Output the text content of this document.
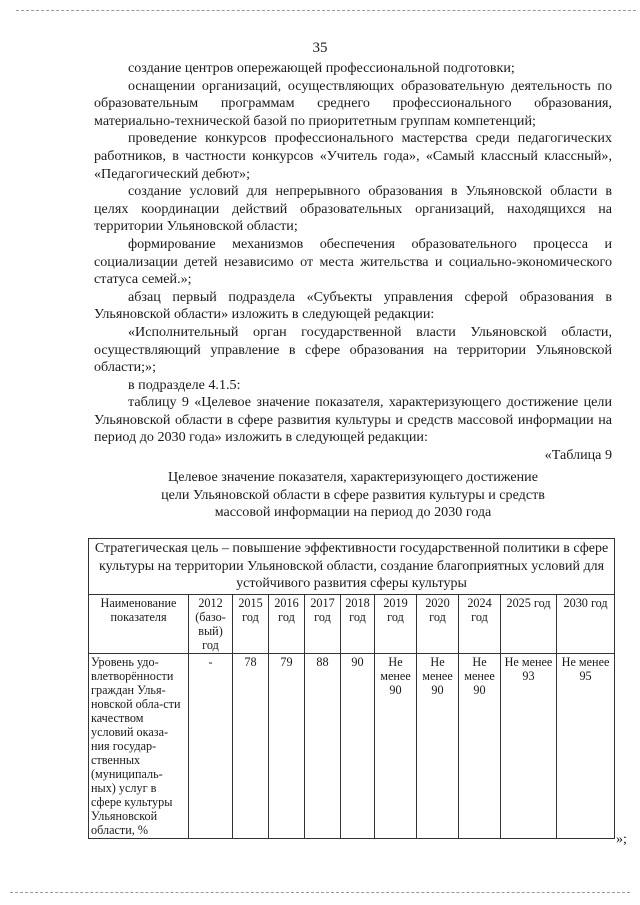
35

создание центров опережающей профессиональной подготовки;

оснащении организаций, осуществляющих образовательную деятельность по образовательным программам среднего профессионального образования, материально-технической базой по приоритетным группам компетенций;

проведение конкурсов профессионального мастерства среди педагогических работников, в частности конкурсов «Учитель года», «Самый классный классный», «Педагогический дебют»;

создание условий для непрерывного образования в Ульяновской области в целях координации действий образовательных организаций, находящихся на территории Ульяновской области;

формирование механизмов обеспечения образовательного процесса и социализации детей независимо от места жительства и социально-экономического статуса семей.»;

абзац первый подраздела «Субъекты управления сферой образования в Ульяновской области» изложить в следующей редакции:

«Исполнительный орган государственной власти Ульяновской области, осуществляющий управление в сфере образования на территории Ульяновской области;»;

в подразделе 4.1.5:

таблицу 9 «Целевое значение показателя, характеризующего достижение цели Ульяновской области в сфере развития культуры и средств массовой информации на период до 2030 года» изложить в следующей редакции:

«Таблица 9

Целевое значение показателя, характеризующего достижение
цели Ульяновской области в сфере развития культуры и средств
массовой информации на период до 2030 года
Стратегическая цель – повышение эффективности государственной политики в сфере культуры на территории Ульяновской области, создание благоприятных условий для устойчивого развития сферы культуры										
Наименование показателя	2012 (базо-вый) год	2015 год	2016 год	2017 год	2018 год	2019 год	2020 год	2024 год	2025 год	2030 год
Уровень удо-влетворённости граждан Улья-новской обла-сти качеством условий оказа-ния государ-ственных (муниципаль-ных) услуг в сфере культуры Ульяновской области, %	-	78	79	88	90	Не менее 90	Не менее 90	Не менее 90	Не менее 93	Не менее 95
»;
